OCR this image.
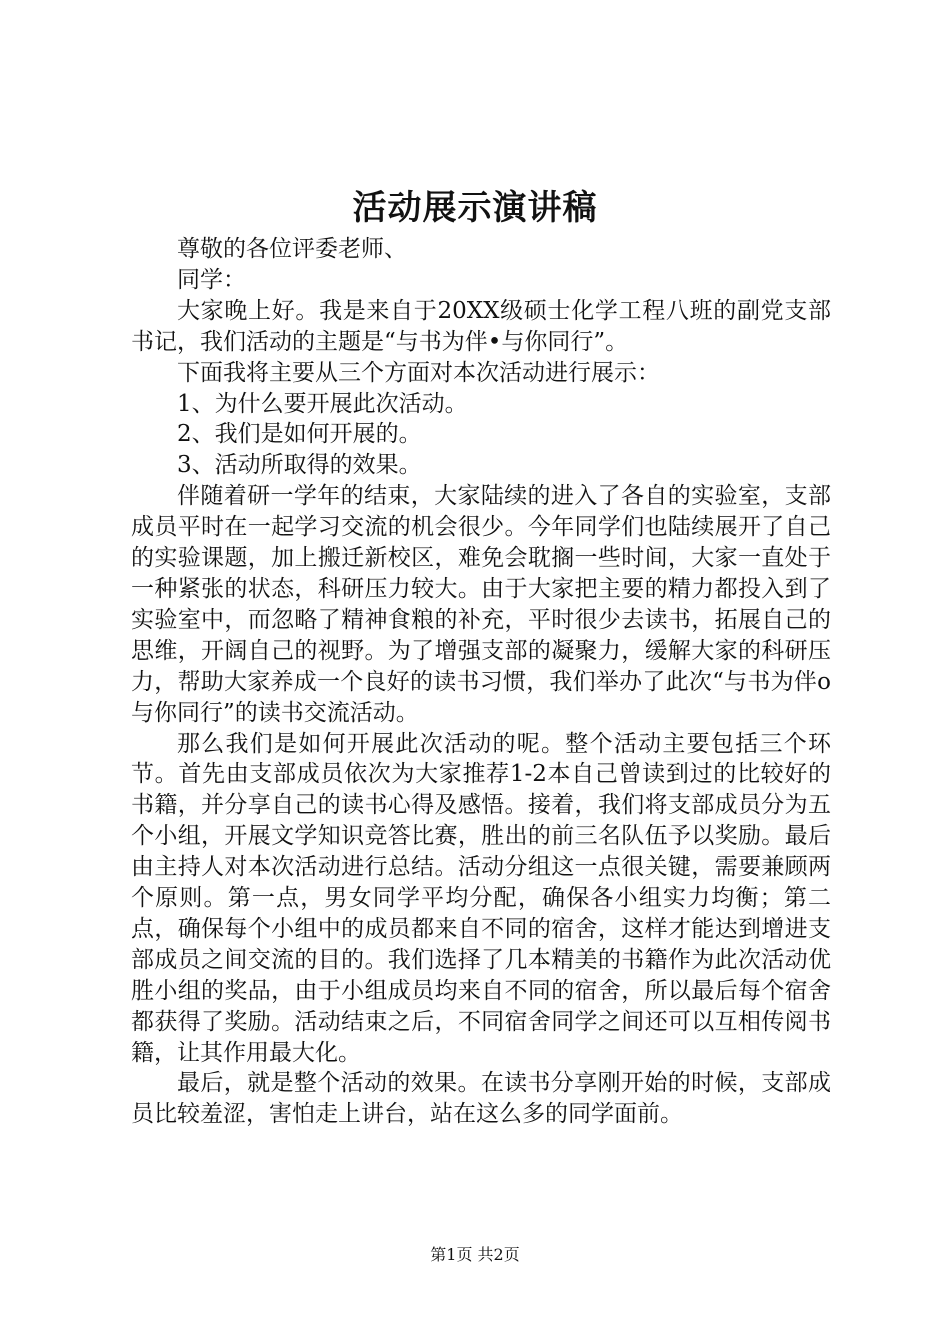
活动展示演讲稿

尊敬的各位评委老师、

同学：

大家晚上好。我是来自于20XX级硕士化学工程八班的副党支部书记，我们活动的主题是“与书为伴•与你同行”。

下面我将主要从三个方面对本次活动进行展示：

1、为什么要开展此次活动。

2、我们是如何开展的。

3、活动所取得的效果。

伴随着研一学年的结束，大家陆续的进入了各自的实验室，支部成员平时在一起学习交流的机会很少。今年同学们也陆续展开了自己的实验课题，加上搬迁新校区，难免会耽搁一些时间，大家一直处于一种紧张的状态，科研压力较大。由于大家把主要的精力都投入到了实验室中，而忽略了精神食粮的补充，平时很少去读书，拓展自己的思维，开阔自己的视野。为了增强支部的凝聚力，缓解大家的科研压力，帮助大家养成一个良好的读书习惯，我们举办了此次“与书为伴o与你同行”的读书交流活动。

那么我们是如何开展此次活动的呢。整个活动主要包括三个环节。首先由支部成员依次为大家推荐1-2本自己曾读到过的比较好的书籍，并分享自己的读书心得及感悟。接着，我们将支部成员分为五个小组，开展文学知识竞答比赛，胜出的前三名队伍予以奖励。最后由主持人对本次活动进行总结。活动分组这一点很关键，需要兼顾两个原则。第一点，男女同学平均分配，确保各小组实力均衡；第二点，确保每个小组中的成员都来自不同的宿舍，这样才能达到增进支部成员之间交流的目的。我们选择了几本精美的书籍作为此次活动优胜小组的奖品，由于小组成员均来自不同的宿舍，所以最后每个宿舍都获得了奖励。活动结束之后，不同宿舍同学之间还可以互相传阅书籍，让其作用最大化。

最后，就是整个活动的效果。在读书分享刚开始的时候，支部成员比较羞涩，害怕走上讲台，站在这么多的同学面前。

第1页 共2页
